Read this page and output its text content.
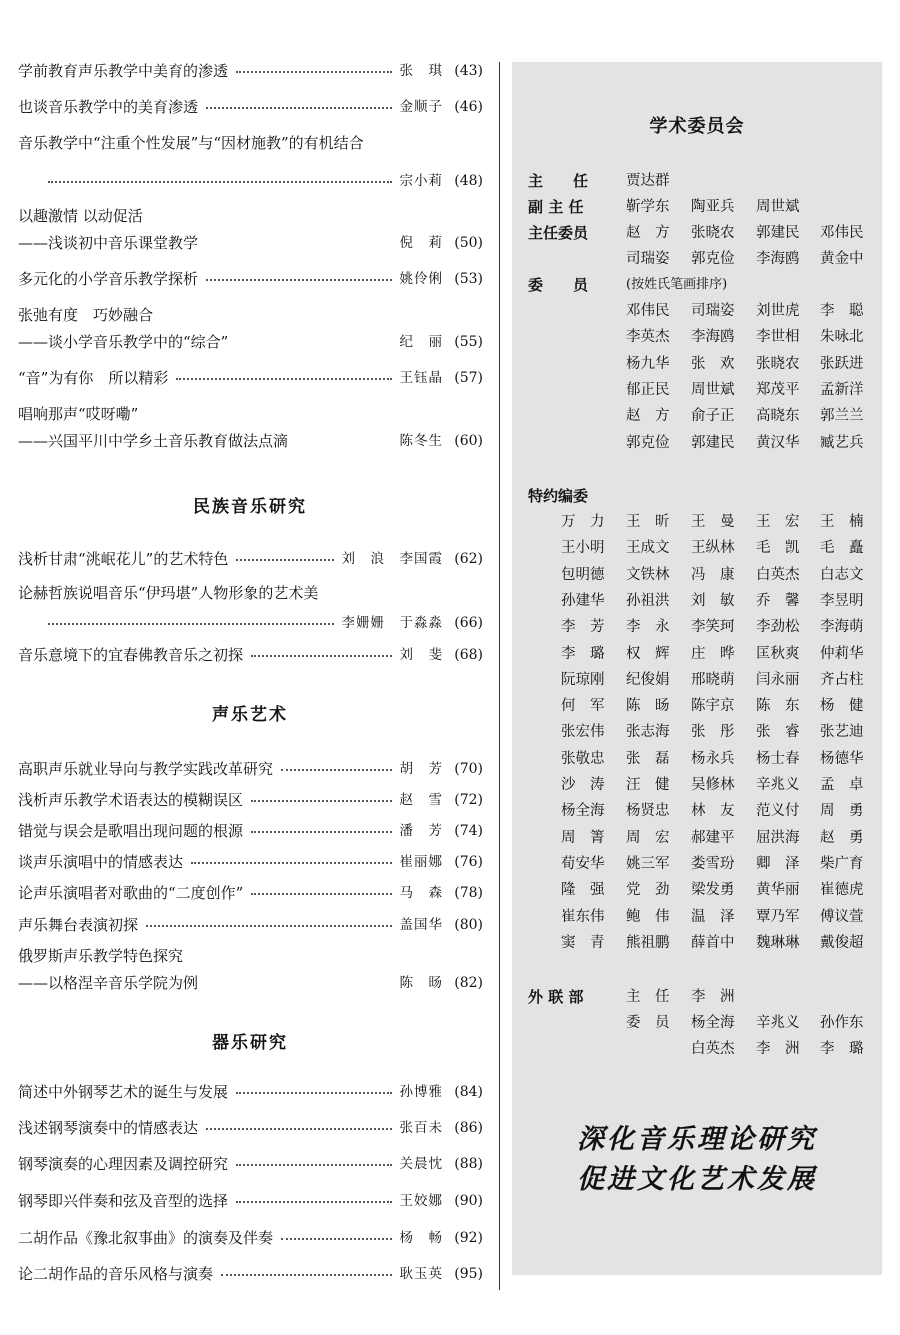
学前教育声乐教学中美育的渗透	张　琪 (43)
也谈音乐教学中的美育渗透	金顺子 (46)
音乐教学中“注重个性发展”与“因材施教”的有机结合
宗小莉 (48)
以趣激情 以动促活
——浅谈初中音乐课堂教学	倪　莉 (50)
多元化的小学音乐教学探析	姚伶俐 (53)
张弛有度　巧妙融合
——谈小学音乐教学中的“综合”	纪　丽 (55)
“音”为有你　所以精彩	王钰晶 (57)
唱响那声“哎呀嘞”
——兴国平川中学乡土音乐教育做法点滴	陈冬生 (60)
民族音乐研究
浅析甘肃“洮岷花儿”的艺术特色	刘　浪　李国霞 (62)
论赫哲族说唱音乐“伊玛堪”人物形象的艺术美
李姗姗　于淼淼 (66)
音乐意境下的宜春佛教音乐之初探	刘　斐 (68)
声乐艺术
高职声乐就业导向与教学实践改革研究	胡　芳 (70)
浅析声乐教学术语表达的模糊误区	赵　雪 (72)
错觉与误会是歌唱出现问题的根源	潘　芳 (74)
谈声乐演唱中的情感表达	崔丽娜 (76)
论声乐演唱者对歌曲的“二度创作”	马　森 (78)
声乐舞台表演初探	盖国华 (80)
俄罗斯声乐教学特色探究
——以格涅辛音乐学院为例	陈　旸 (82)
器乐研究
简述中外钢琴艺术的诞生与发展	孙博雅 (84)
浅述钢琴演奏中的情感表达	张百未 (86)
钢琴演奏的心理因素及调控研究	关晨忱 (88)
钢琴即兴伴奏和弦及音型的选择	王姣娜 (90)
二胡作品《豫北叙事曲》的演奏及伴奏	杨　畅 (92)
论二胡作品的音乐风格与演奏	耿玉英 (95)
学术委员会
主　　任	贾达群
副 主 任	靳学东 陶亚兵 周世斌
主任委员	赵　方 张晓农 郭建民 邓伟民
司瑞姿 郭克俭 李海鸥 黄金中
委　　员	(按姓氏笔画排序)
邓伟民 司瑞姿 刘世虎 李　聪
李英杰 李海鸥 李世相 朱咏北
杨九华 张　欢 张晓农 张跃进
郁正民 周世斌 郑茂平 孟新洋
赵　方 俞子正 高晓东 郭兰兰
郭克俭 郭建民 黄汉华 臧艺兵
特约编委
万　力 王　昕 王　曼 王　宏 王　楠
王小明 王成文 王纵林 毛　凯 毛　矗
包明德 文铁林 冯　康 白英杰 白志文
孙建华 孙祖洪 刘　敏 乔　馨 李昱明
李　芳 李　永 李笑珂 李劲松 李海萌
李　璐 权　辉 庄　晔 匡秋爽 仲莉华
阮琼刚 纪俊娟 邢晓萌 闫永丽 齐占柱
何　军 陈　旸 陈宇京 陈　东 杨　健
张宏伟 张志海 张　彤 张　睿 张艺迪
张敬忠 张　磊 杨永兵 杨士春 杨德华
沙　涛 汪　健 吴修林 辛兆义 孟　卓
杨全海 杨贤忠 林　友 范义付 周　勇
周　箐 周　宏 郝建平 屈洪海 赵　勇
荀安华 姚三军 娄雪玢 卿　泽 柴广育
隆　强 党　劲 梁发勇 黄华丽 崔德虎
崔东伟 鲍　伟 温　泽 覃乃军 傅议萱
窦　青 熊祖鹏 薛首中 魏琳琳 戴俊超
外 联 部	主　任 李　洲
委　员 杨全海 辛兆义 孙作东
白英杰 李　洲 李　璐
深化音乐理论研究
促进文化艺术发展
